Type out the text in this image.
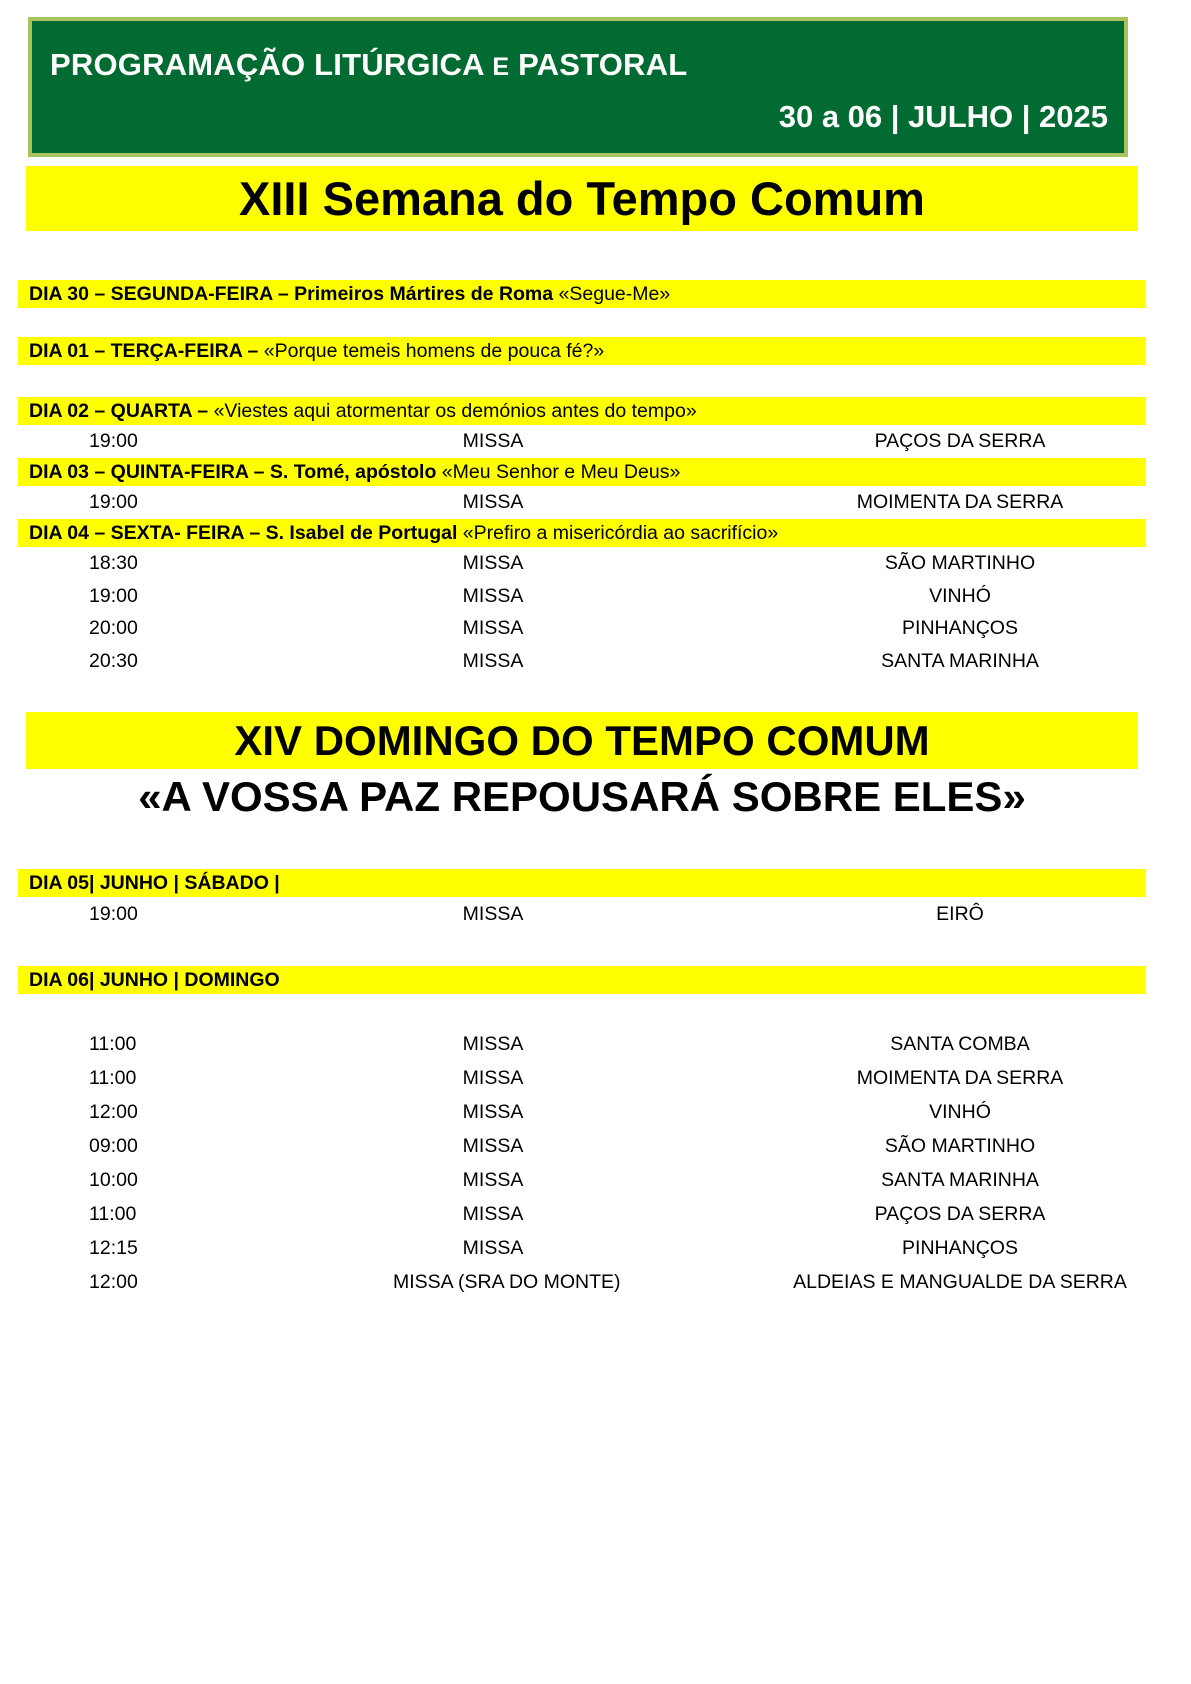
PROGRAMAÇÃO LITÚRGICA E PASTORAL
30 a 06 | JULHO | 2025
XIII Semana do Tempo Comum
DIA 30 – SEGUNDA-FEIRA – Primeiros Mártires de Roma «Segue-Me»
DIA 01 – TERÇA-FEIRA – «Porque temeis homens de pouca fé?»
DIA 02 – QUARTA – «Viestes aqui atormentar os demónios antes do tempo»
19:00	MISSA	PAÇOS DA SERRA
DIA 03 – QUINTA-FEIRA – S. Tomé, apóstolo «Meu Senhor e Meu Deus»
19:00	MISSA	MOIMENTA DA SERRA
DIA 04 – SEXTA- FEIRA – S. Isabel de Portugal «Prefiro a misericórdia ao sacrifício»
18:30	MISSA	SÃO MARTINHO
19:00	MISSA	VINHÓ
20:00	MISSA	PINHANÇOS
20:30	MISSA	SANTA MARINHA
XIV DOMINGO DO TEMPO COMUM
«A VOSSA PAZ REPOUSARÁ SOBRE ELES»
DIA 05| JUNHO | SÁBADO |
19:00	MISSA	EIRÔ
DIA 06| JUNHO | DOMINGO
11:00	MISSA	SANTA COMBA
11:00	MISSA	MOIMENTA DA SERRA
12:00	MISSA	VINHÓ
09:00	MISSA	SÃO MARTINHO
10:00	MISSA	SANTA MARINHA
11:00	MISSA	PAÇOS DA SERRA
12:15	MISSA	PINHANÇOS
12:00	MISSA (SRA DO MONTE)	ALDEIAS E MANGUALDE DA SERRA
